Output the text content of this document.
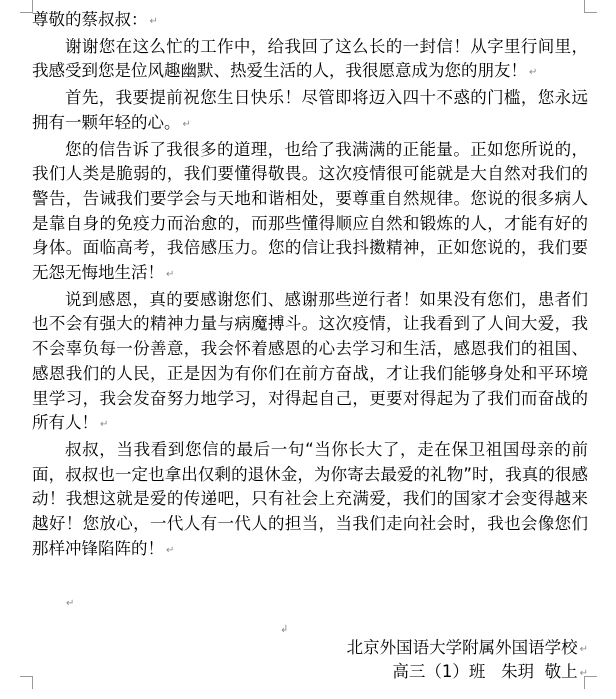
尊敬的蔡叔叔： ↵

谢谢您在这么忙的工作中，给我回了这么长的一封信！从字里行间里，我感受到您是位风趣幽默、热爱生活的人，我很愿意成为您的朋友！ ↵

首先，我要提前祝您生日快乐！尽管即将迈入四十不惑的门槛，您永远拥有一颗年轻的心。 ↵

您的信告诉了我很多的道理，也给了我满满的正能量。正如您所说的，我们人类是脆弱的，我们要懂得敬畏。这次疫情很可能就是大自然对我们的警告，告诫我们要学会与天地和谐相处，要尊重自然规律。您说的很多病人是靠自身的免疫力而治愈的，而那些懂得顺应自然和锻炼的人，才能有好的身体。面临高考，我倍感压力。您的信让我抖擞精神，正如您说的，我们要无怨无悔地生活！ ↵

说到感恩，真的要感谢您们、感谢那些逆行者！如果没有您们，患者们也不会有强大的精神力量与病魔搏斗。这次疫情，让我看到了人间大爱，我不会辜负每一份善意，我会怀着感恩的心去学习和生活，感恩我们的祖国、感恩我们的人民，正是因为有你们在前方奋战，才让我们能够身处和平环境里学习，我会发奋努力地学习，对得起自己，更要对得起为了我们而奋战的所有人！ ↵

叔叔，当我看到您信的最后一句“当你长大了，走在保卫祖国母亲的前面，叔叔也一定也拿出仅剩的退休金，为你寄去最爱的礼物”时，我真的很感动！我想这就是爱的传递吧，只有社会上充满爱，我们的国家才会变得越来越好！您放心，一代人有一代人的担当，当我们走向社会时，我也会像您们那样冲锋陷阵的！ ↵

↵
↲
北京外国语大学附属外国语学校 ↵
高三（1）班   朱玥  敬上 ↵
